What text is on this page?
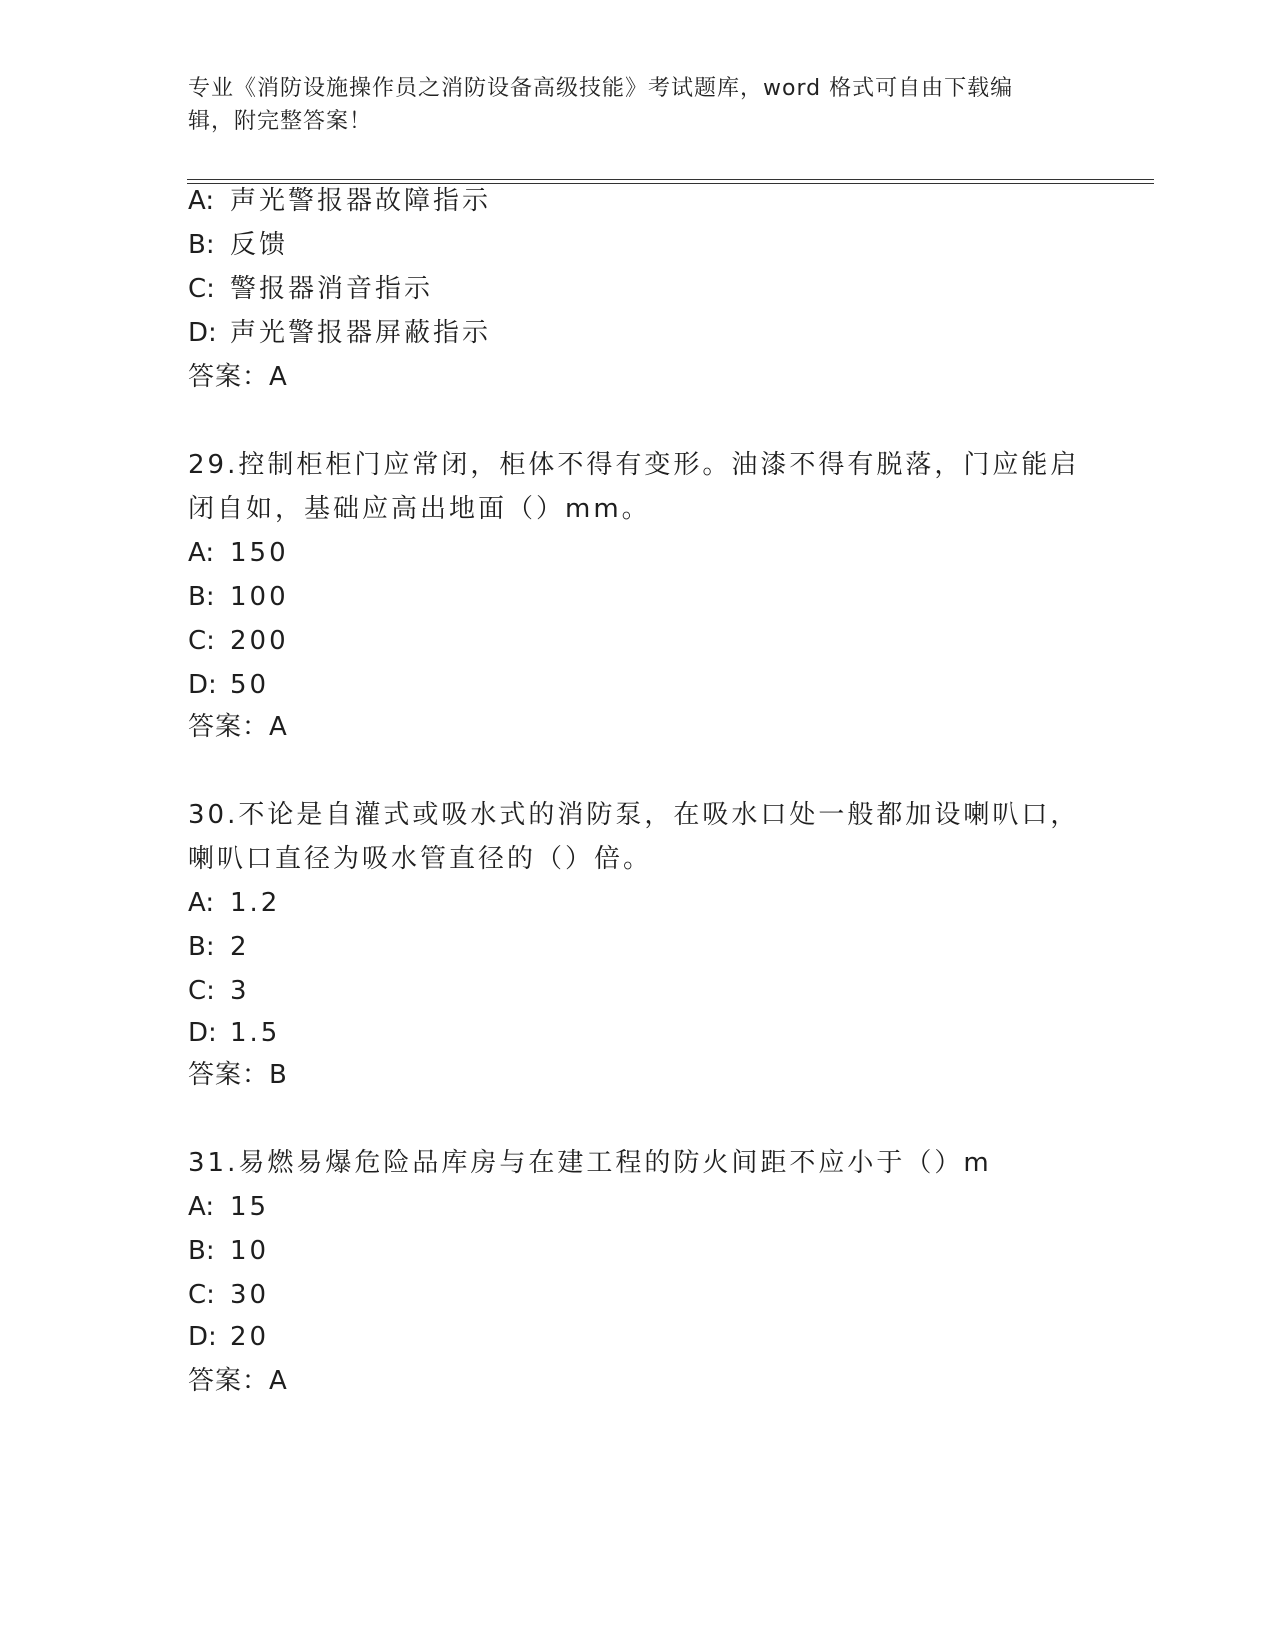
专业《消防设施操作员之消防设备高级技能》考试题库，word 格式可自由下载编
辑，附完整答案！
A: 声光警报器故障指示
B: 反馈
C: 警报器消音指示
D: 声光警报器屏蔽指示
答案：A
29.控制柜柜门应常闭，柜体不得有变形。油漆不得有脱落，门应能启
闭自如，基础应高出地面（）mm。
A: 150
B: 100
C: 200
D: 50
答案：A
30.不论是自灌式或吸水式的消防泵，在吸水口处一般都加设喇叭口，
喇叭口直径为吸水管直径的（）倍。
A: 1.2
B: 2
C: 3
D: 1.5
答案：B
31.易燃易爆危险品库房与在建工程的防火间距不应小于（）m
A: 15
B: 10
C: 30
D: 20
答案：A
